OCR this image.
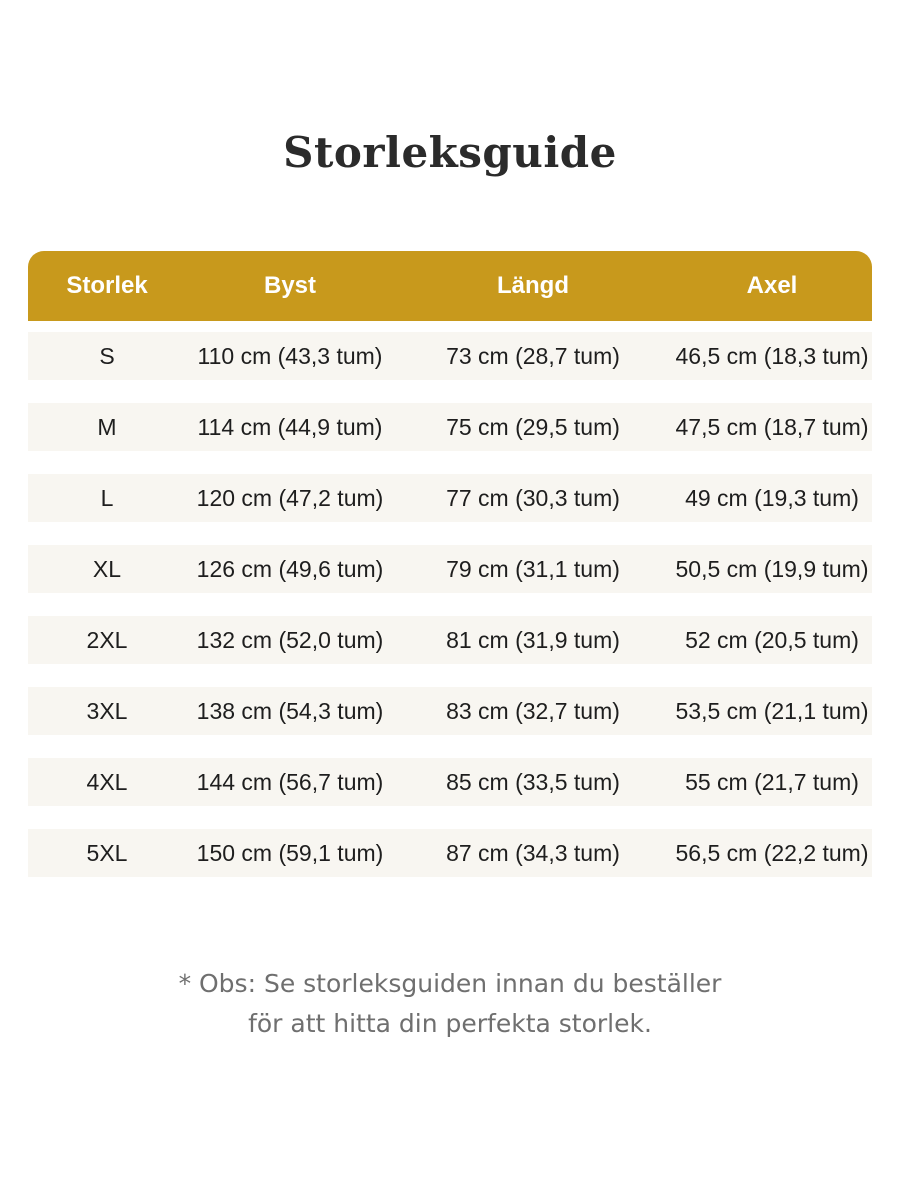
Storleksguide
Storlek	Byst	Längd	Axel
S	110 cm (43,3 tum)	73 cm (28,7 tum)	46,5 cm (18,3 tum)
M	114 cm (44,9 tum)	75 cm (29,5 tum)	47,5 cm (18,7 tum)
L	120 cm (47,2 tum)	77 cm (30,3 tum)	49 cm (19,3 tum)
XL	126 cm (49,6 tum)	79 cm (31,1 tum)	50,5 cm (19,9 tum)
2XL	132 cm (52,0 tum)	81 cm (31,9 tum)	52 cm (20,5 tum)
3XL	138 cm (54,3 tum)	83 cm (32,7 tum)	53,5 cm (21,1 tum)
4XL	144 cm (56,7 tum)	85 cm (33,5 tum)	55 cm (21,7 tum)
5XL	150 cm (59,1 tum)	87 cm (34,3 tum)	56,5 cm (22,2 tum)
* Obs: Se storleksguiden innan du beställer
för att hitta din perfekta storlek.
